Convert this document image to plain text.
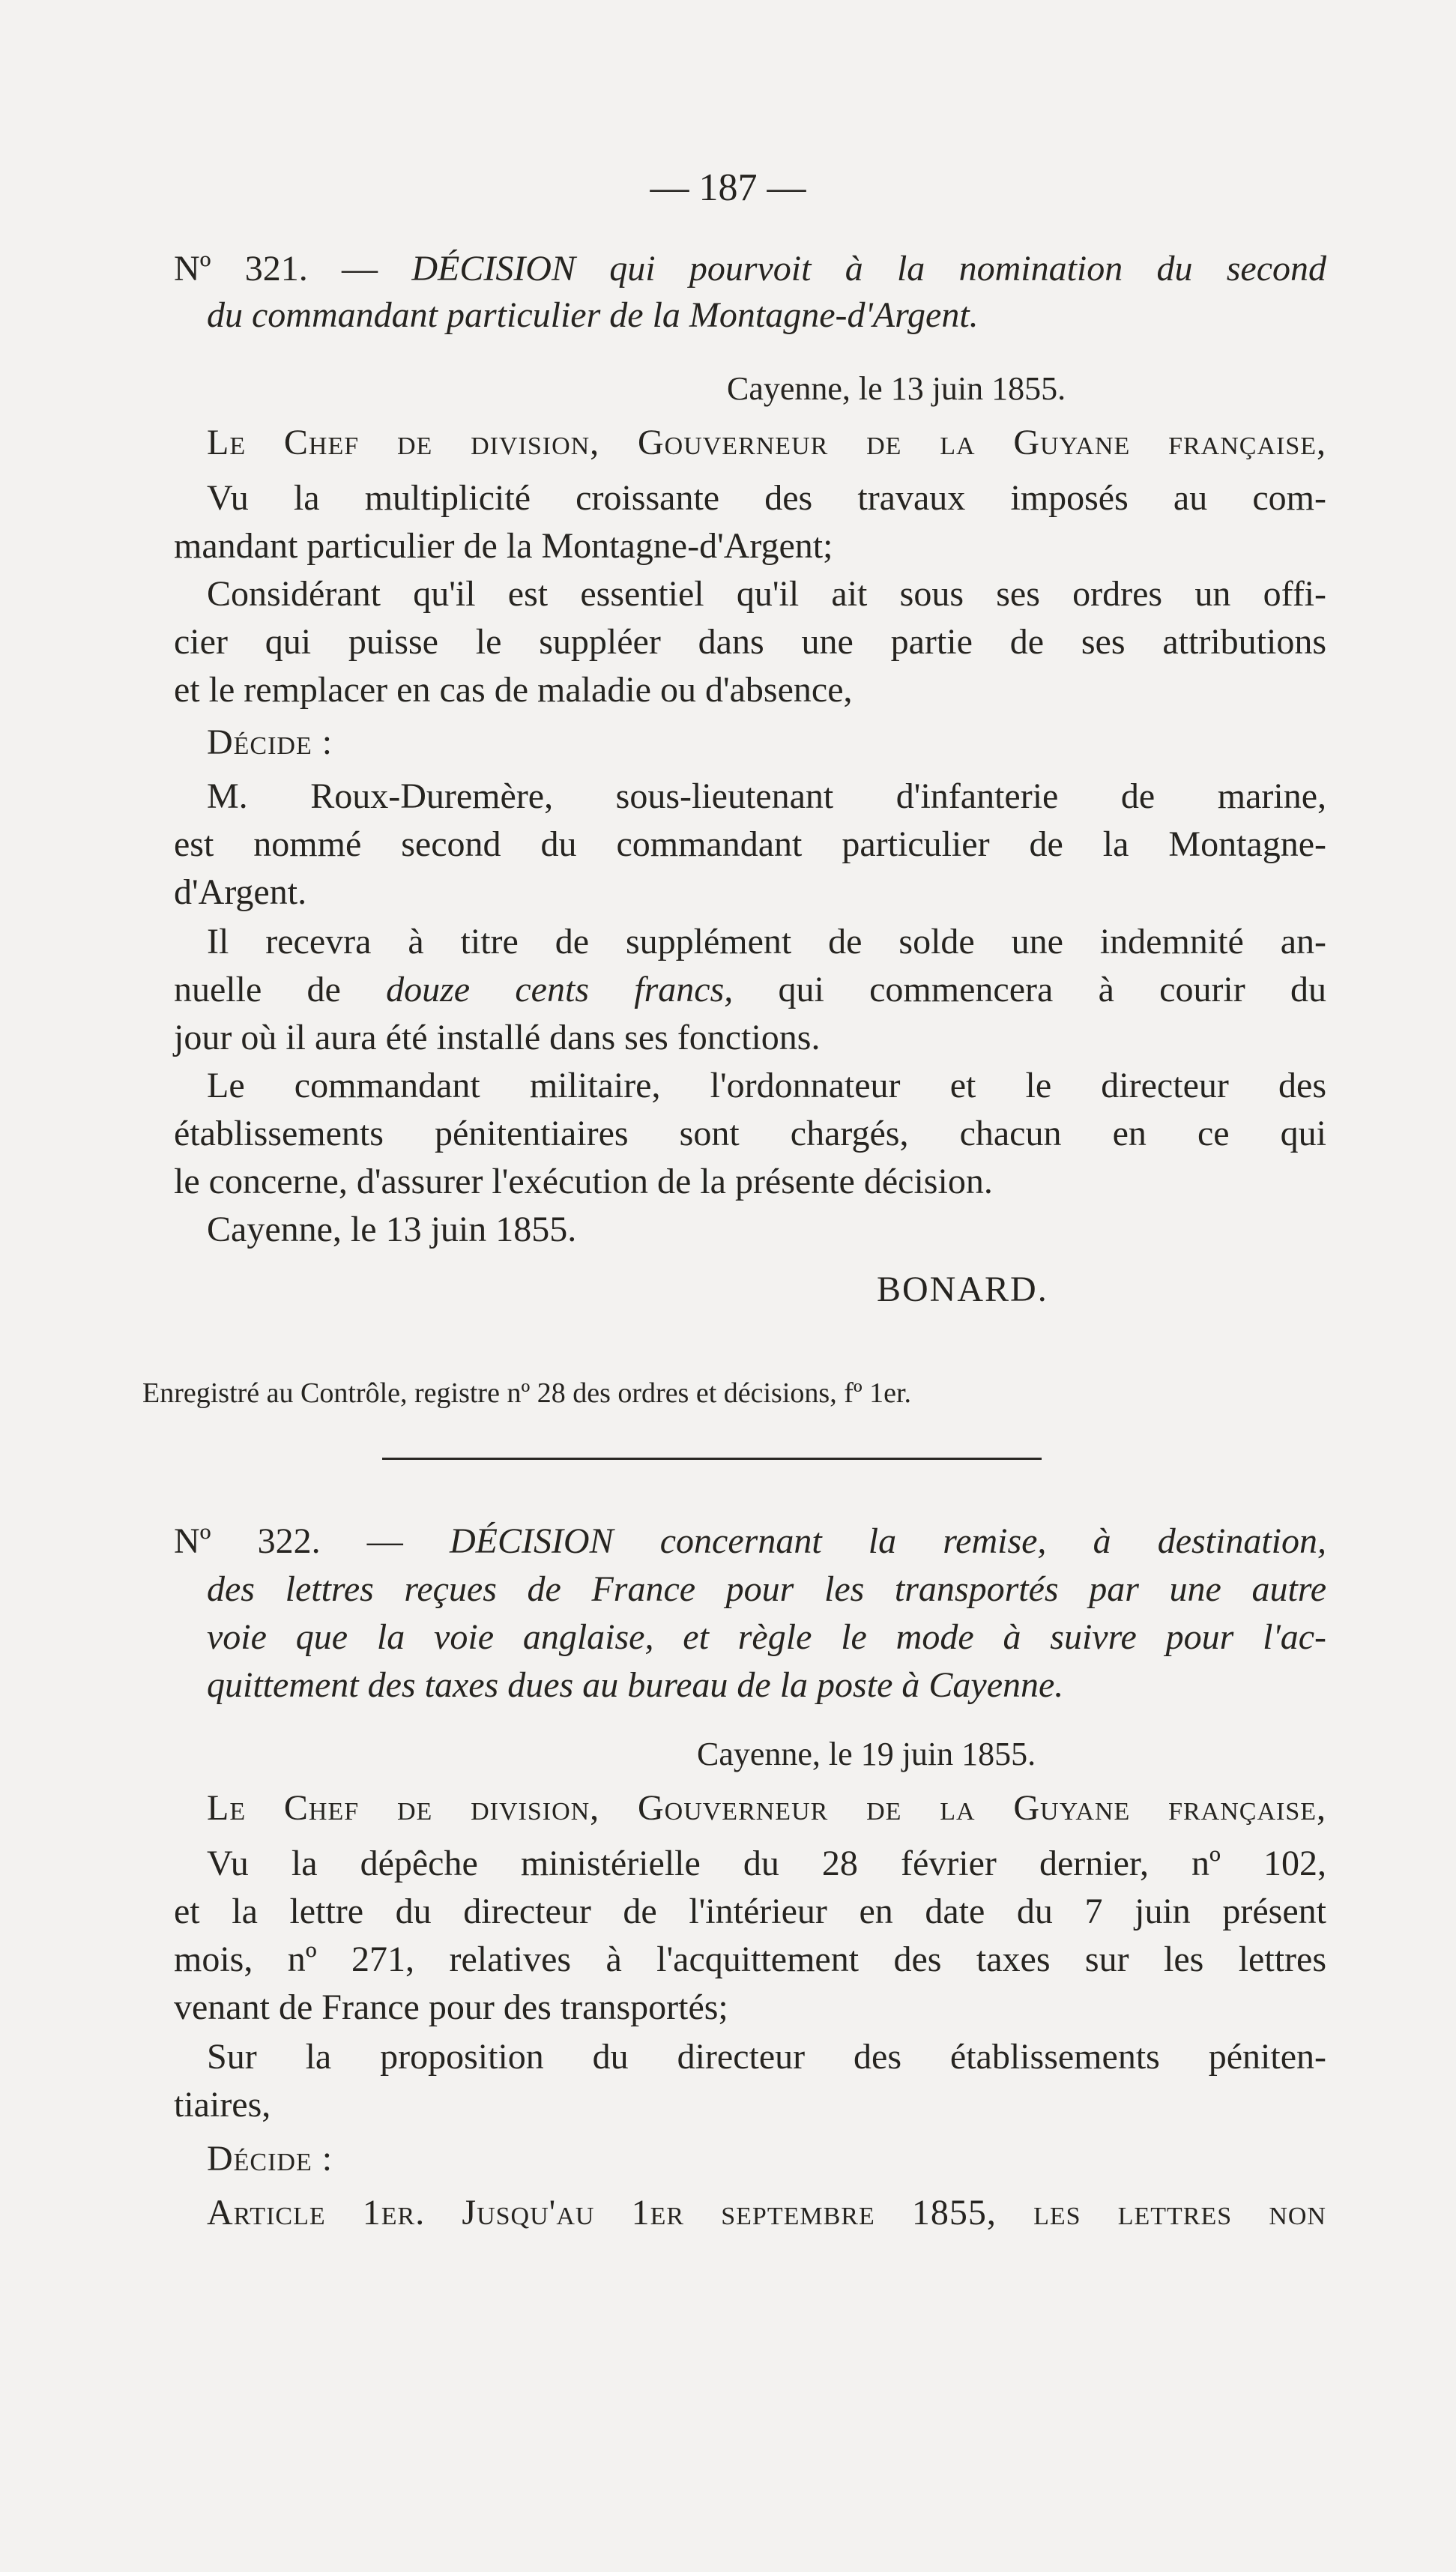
— 187 —
Nº 321. — DÉCISION qui pourvoit à la nomination du second
du commandant particulier de la Montagne-d'Argent.
Cayenne, le 13 juin 1855.
Le Chef de division, Gouverneur de la Guyane française,
Vu la multiplicité croissante des travaux imposés au com-
mandant particulier de la Montagne-d'Argent;
Considérant qu'il est essentiel qu'il ait sous ses ordres un offi-
cier qui puisse le suppléer dans une partie de ses attributions
et le remplacer en cas de maladie ou d'absence,
Décide :
M. Roux-Duremère, sous-lieutenant d'infanterie de marine,
est nommé second du commandant particulier de la Montagne-
d'Argent.
Il recevra à titre de supplément de solde une indemnité an-
nuelle de douze cents francs, qui commencera à courir du
jour où il aura été installé dans ses fonctions.
Le commandant militaire, l'ordonnateur et le directeur des
établissements pénitentiaires sont chargés, chacun en ce qui
le concerne, d'assurer l'exécution de la présente décision.
Cayenne, le 13 juin 1855.
BONARD.
Enregistré au Contrôle, registre nº 28 des ordres et décisions, fº 1er.
Nº 322. — DÉCISION concernant la remise, à destination,
des lettres reçues de France pour les transportés par une autre
voie que la voie anglaise, et règle le mode à suivre pour l'ac-
quittement des taxes dues au bureau de la poste à Cayenne.
Cayenne, le 19 juin 1855.
Le Chef de division, Gouverneur de la Guyane française,
Vu la dépêche ministérielle du 28 février dernier, nº 102,
et la lettre du directeur de l'intérieur en date du 7 juin présent
mois, nº 271, relatives à l'acquittement des taxes sur les lettres
venant de France pour des transportés;
Sur la proposition du directeur des établissements péniten-
tiaires,
Décide :
Article 1er. Jusqu'au 1er septembre 1855, les lettres non
